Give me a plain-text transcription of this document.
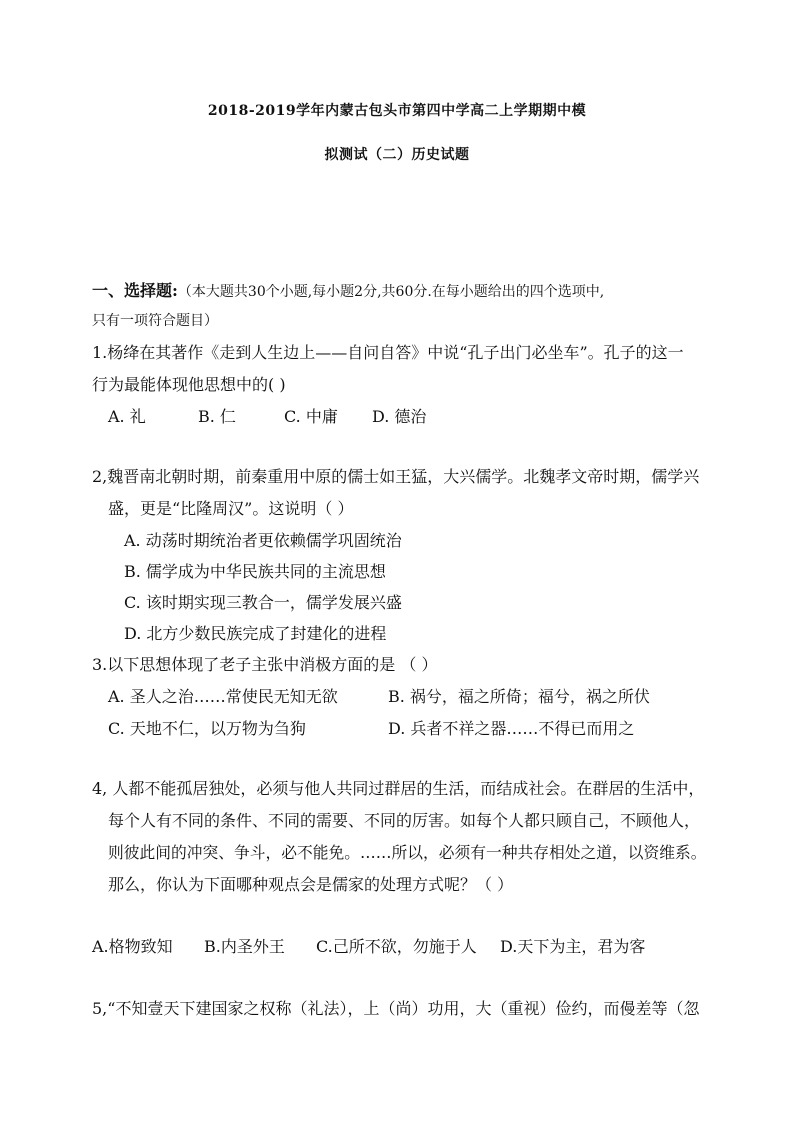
2018-2019学年内蒙古包头市第四中学高二上学期期中模
拟测试（二）历史试题
一、选择题:（本大题共30个小题,每小题2分,共60分.在每小题给出的四个选项中,
只有一项符合题目）
1.杨绛在其著作《走到人生边上——自问自答》中说“孔子出门必坐车”。孔子的这一
行为最能体现他思想中的( )
A. 礼	B. 仁	C. 中庸 D. 德治
2,魏晋南北朝时期，前秦重用中原的儒士如王猛，大兴儒学。北魏孝文帝时期，儒学兴
盛，更是“比隆周汉”。这说明（ ）
A. 动荡时期统治者更依赖儒学巩固统治
B. 儒学成为中华民族共同的主流思想
C. 该时期实现三教合一，儒学发展兴盛
D. 北方少数民族完成了封建化的进程
3.以下思想体现了老子主张中消极方面的是 （ ）
A. 圣人之治……常使民无知无欲	B. 祸兮，福之所倚；福兮，祸之所伏
C. 天地不仁，以万物为刍狗	D. 兵者不祥之器……不得已而用之
4, 人都不能孤居独处，必须与他人共同过群居的生活，而结成社会。在群居的生活中，
每个人有不同的条件、不同的需要、不同的厉害。如每个人都只顾自己，不顾他人，
则彼此间的冲突、争斗，必不能免。……所以，必须有一种共存相处之道，以资维系。
那么，你认为下面哪种观点会是儒家的处理方式呢？（ ）
A.格物致知 B.内圣外王 C.己所不欲，勿施于人 D.天下为主，君为客
5,“不知壹天下建国家之权称（礼法），上（尚）功用，大（重视）俭约，而僈差等（忽
